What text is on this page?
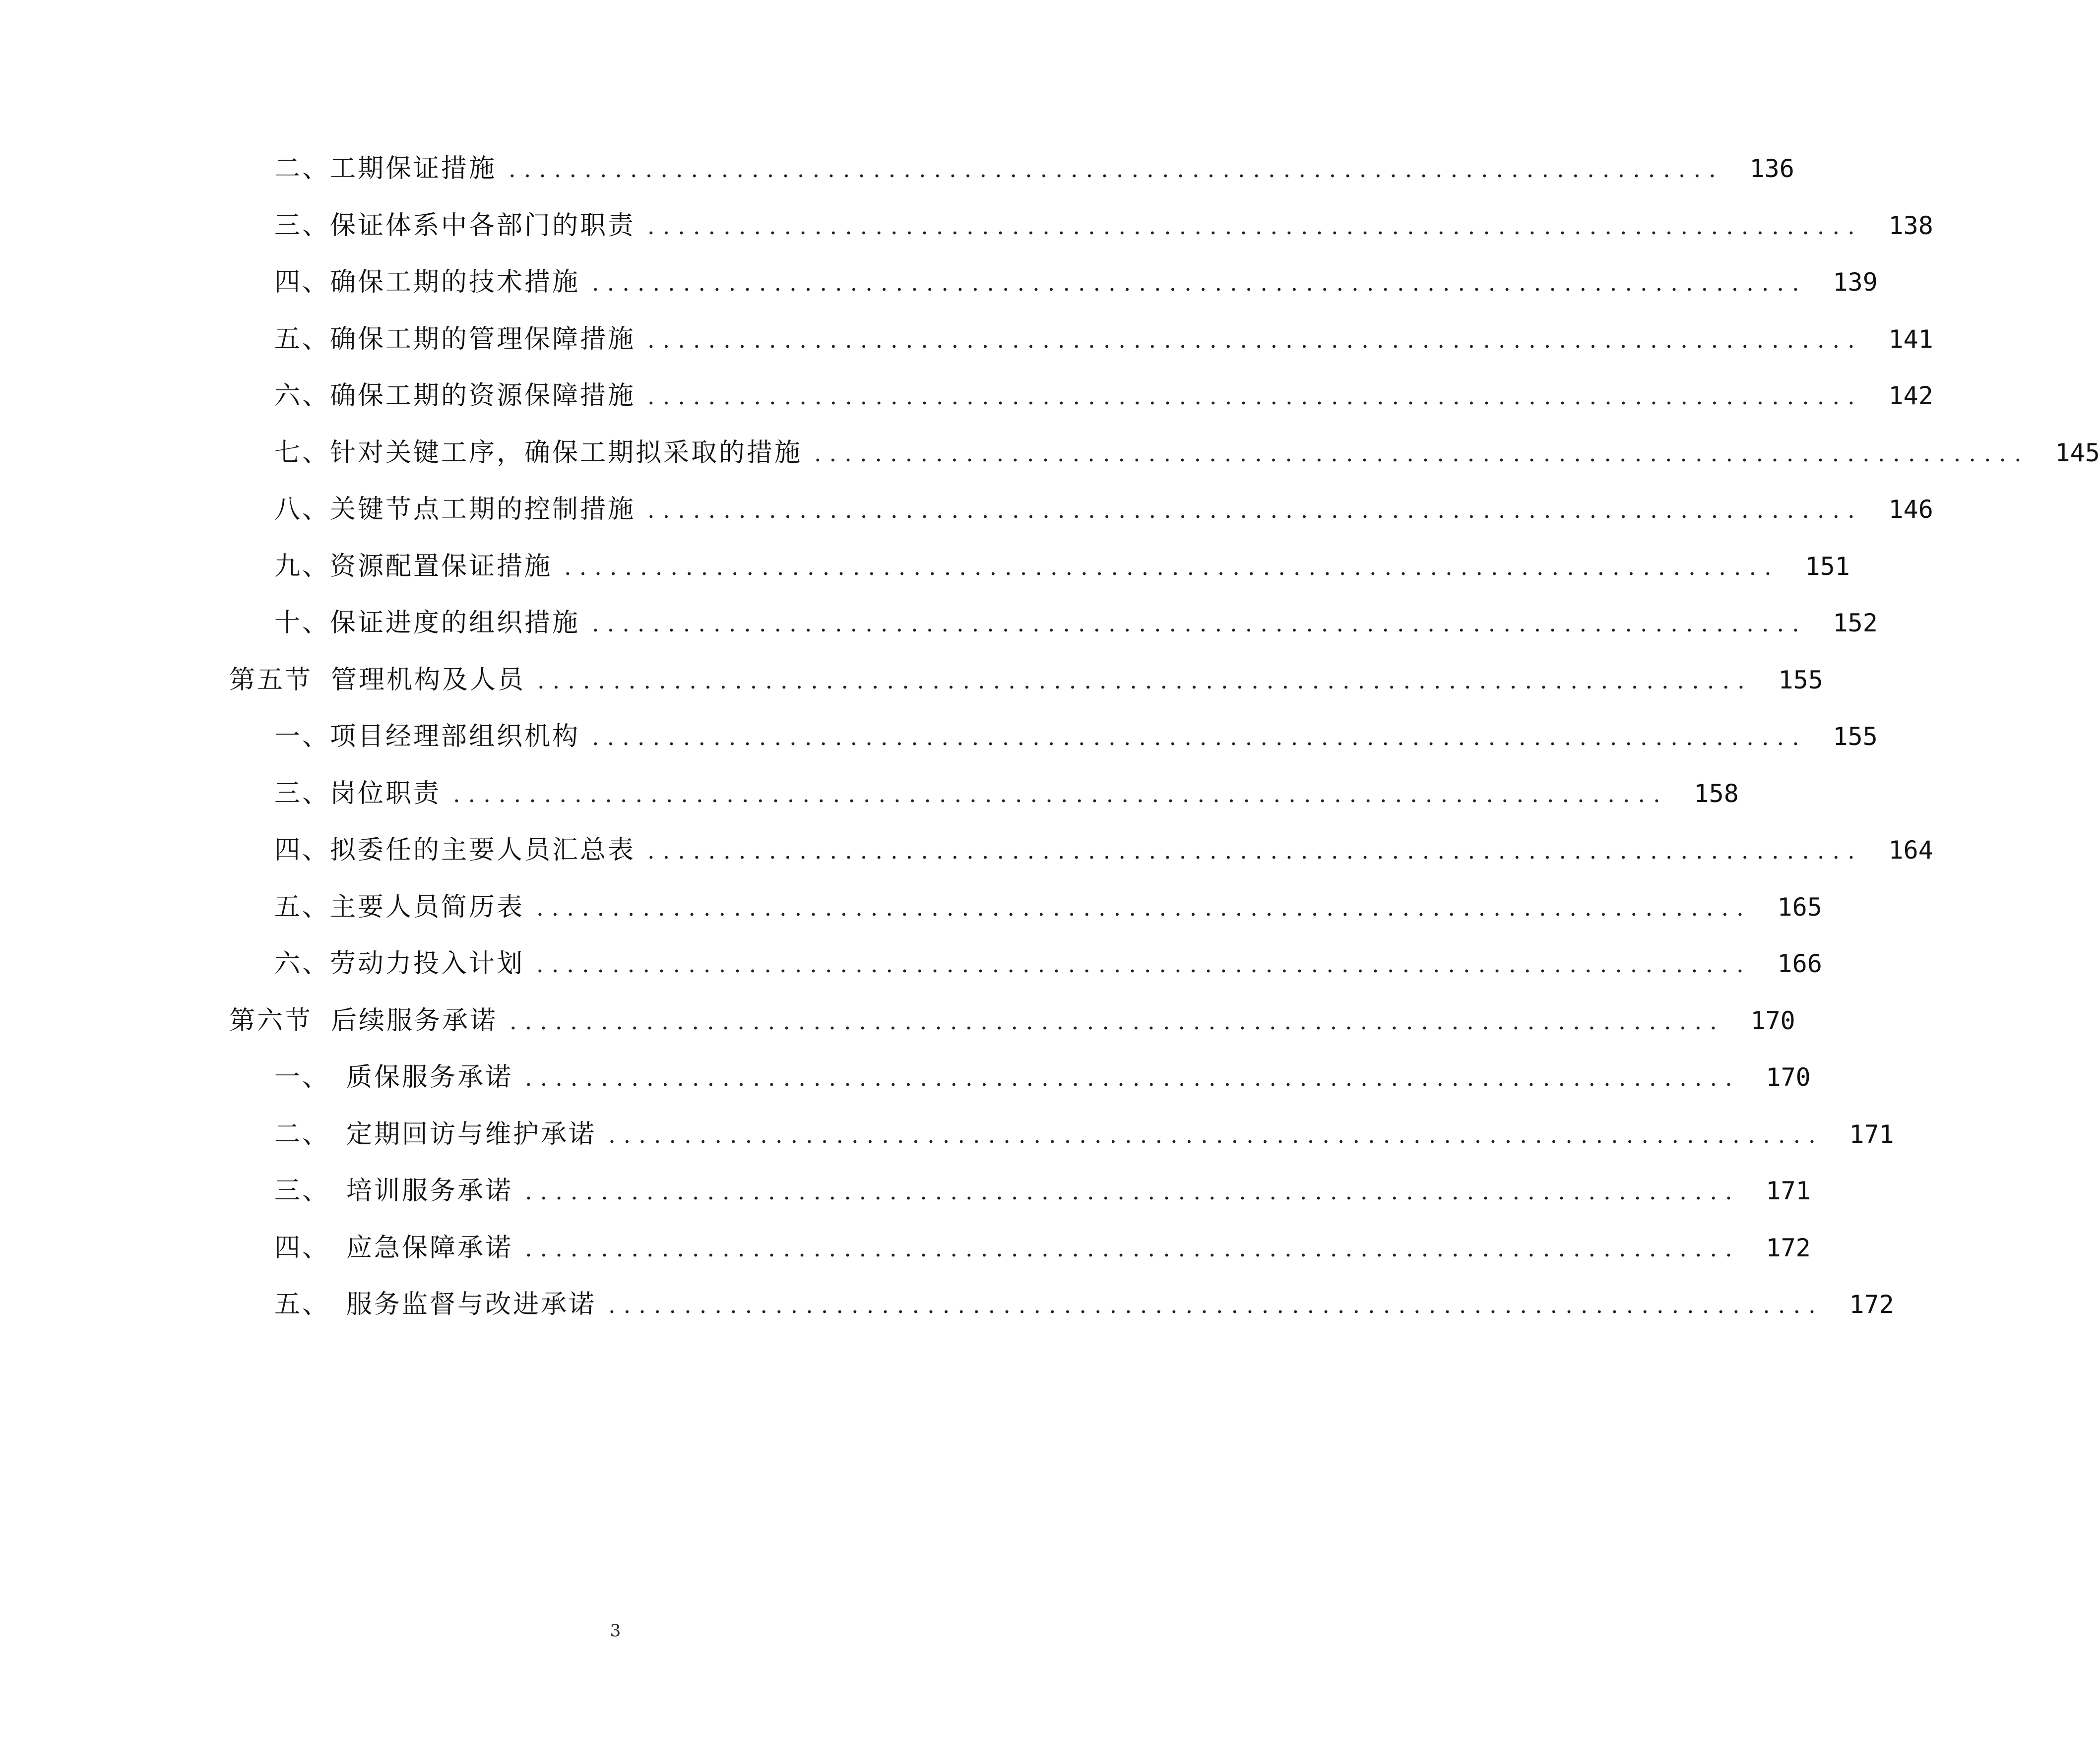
二、工期保证措施 ................................................................................	136
三、保证体系中各部门的职责 ................................................................................	138
四、确保工期的技术措施 ................................................................................	139
五、确保工期的管理保障措施 ................................................................................	141
六、确保工期的资源保障措施 ................................................................................	142
七、针对关键工序，确保工期拟采取的措施 ................................................................................	145
八、关键节点工期的控制措施 ................................................................................	146
九、资源配置保证措施 ................................................................................	151
十、保证进度的组织措施 ................................................................................	152
第五节 管理机构及人员 ................................................................................	155
一、项目经理部组织机构 ................................................................................	155
三、岗位职责 ................................................................................	158
四、拟委任的主要人员汇总表 ................................................................................	164
五、主要人员简历表 ................................................................................	165
六、劳动力投入计划 ................................................................................	166
第六节 后续服务承诺 ................................................................................	170
一、 质保服务承诺 ................................................................................	170
二、 定期回访与维护承诺 ................................................................................	171
三、 培训服务承诺 ................................................................................	171
四、 应急保障承诺 ................................................................................	172
五、 服务监督与改进承诺 ................................................................................	172
3
